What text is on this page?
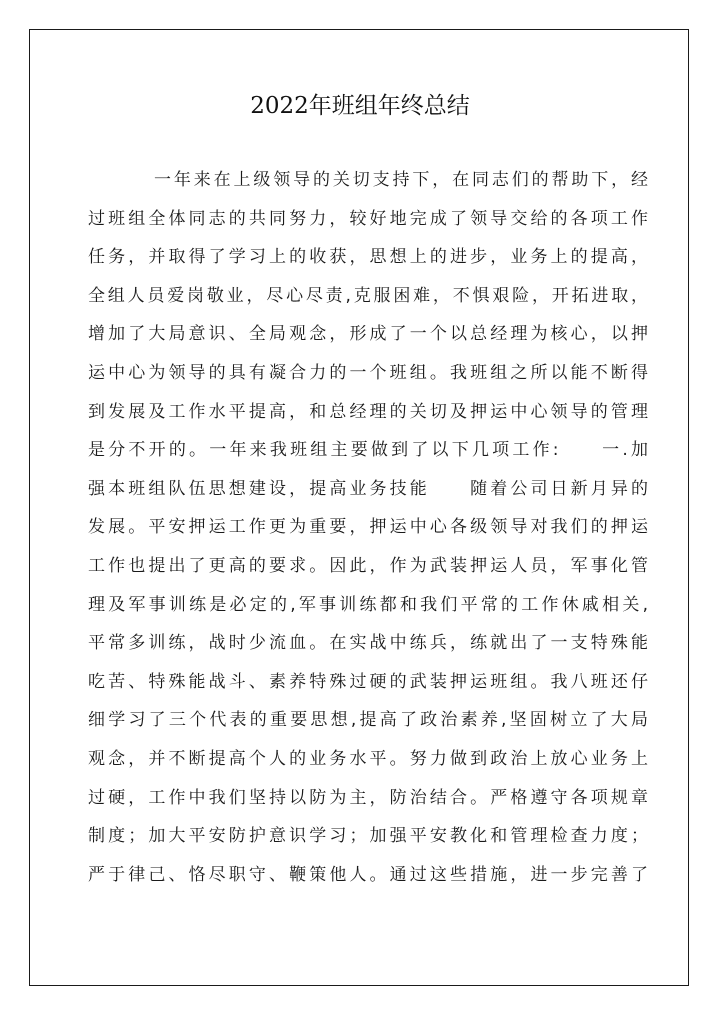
2022年班组年终总结
一年来在上级领导的关切支持下，在同志们的帮助下，经
过班组全体同志的共同努力，较好地完成了领导交给的各项工作
任务，并取得了学习上的收获，思想上的进步，业务上的提高，
全组人员爱岗敬业，尽心尽责,克服困难，不惧艰险，开拓进取，
增加了大局意识、全局观念，形成了一个以总经理为核心，以押
运中心为领导的具有凝合力的一个班组。我班组之所以能不断得
到发展及工作水平提高，和总经理的关切及押运中心领导的管理
是分不开的。一年来我班组主要做到了以下几项工作:　　一.加
强本班组队伍思想建设，提高业务技能　　随着公司日新月异的
发展。平安押运工作更为重要，押运中心各级领导对我们的押运
工作也提出了更高的要求。因此，作为武装押运人员，军事化管
理及军事训练是必定的,军事训练都和我们平常的工作休戚相关,
平常多训练，战时少流血。在实战中练兵，练就出了一支特殊能
吃苦、特殊能战斗、素养特殊过硬的武装押运班组。我八班还仔
细学习了三个代表的重要思想,提高了政治素养,坚固树立了大局
观念，并不断提高个人的业务水平。努力做到政治上放心业务上
过硬，工作中我们坚持以防为主，防治结合。严格遵守各项规章
制度；加大平安防护意识学习；加强平安教化和管理检查力度；
严于律己、恪尽职守、鞭策他人。通过这些措施，进一步完善了
